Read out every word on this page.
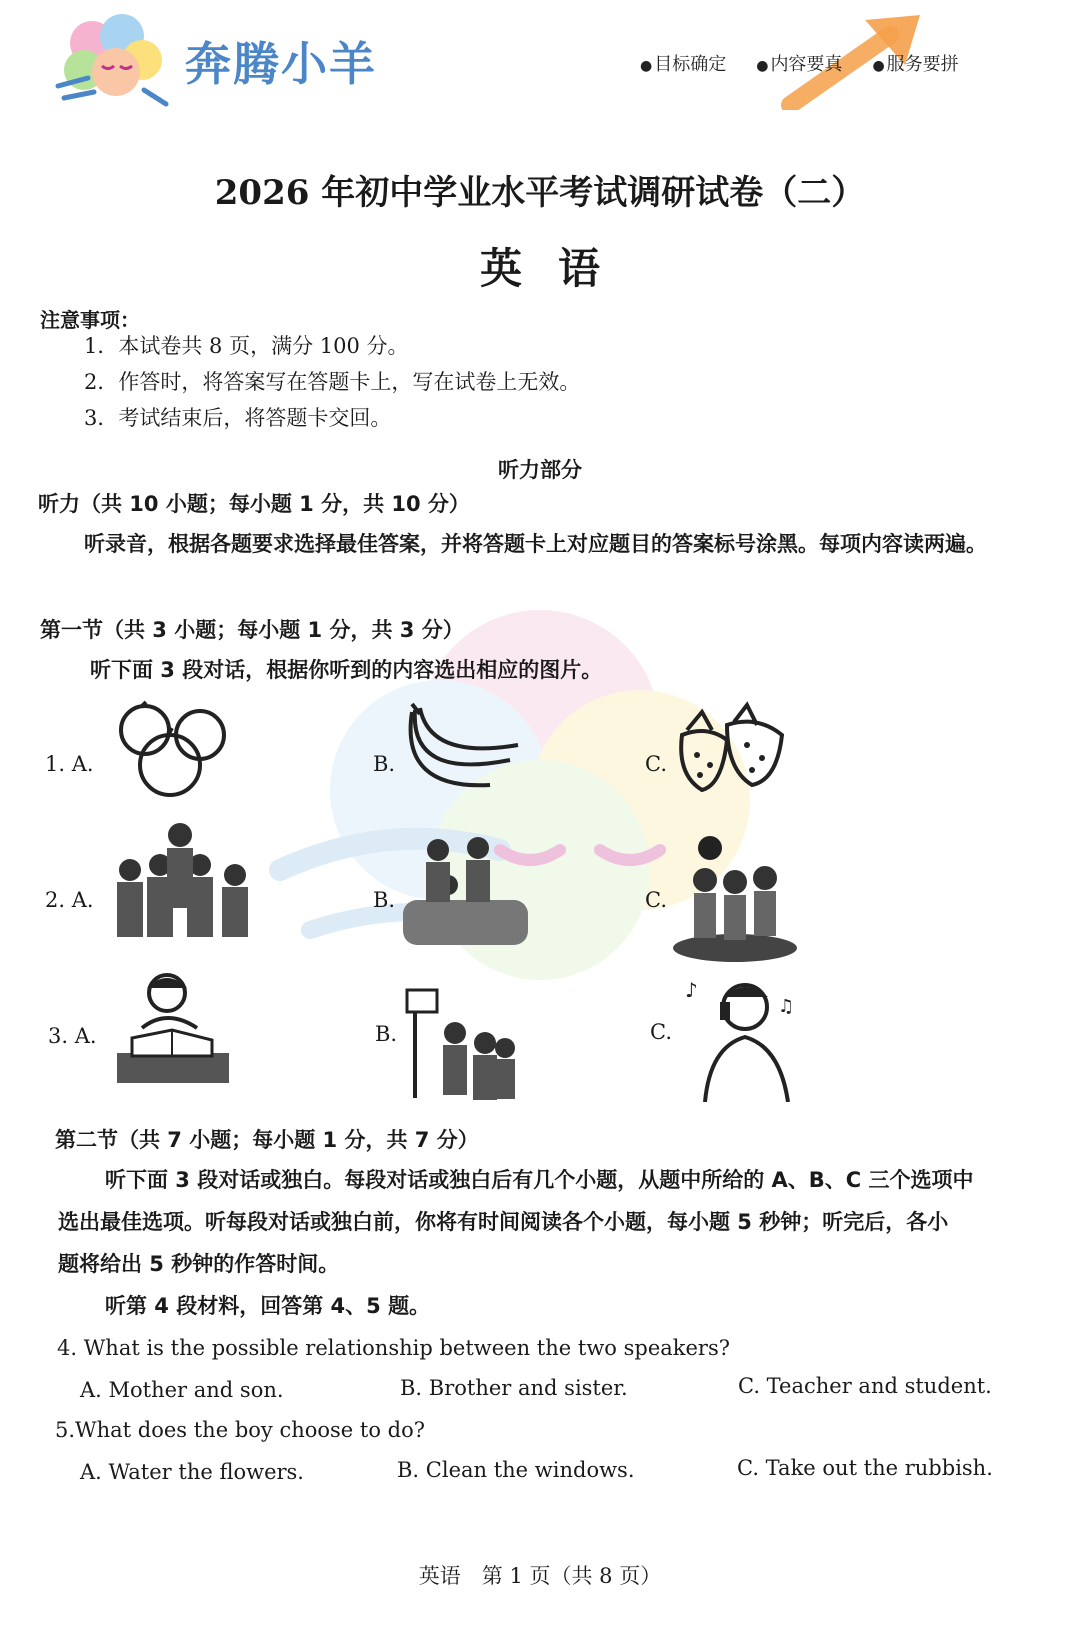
奔腾小羊	● 目标确定	● 内容要真	● 服务要拼
2026 年初中学业水平考试调研试卷（二）
英语
注意事项：
1．本试卷共 8 页，满分 100 分。
2．作答时，将答案写在答题卡上，写在试卷上无效。
3．考试结束后，将答题卡交回。
听力部分
听力（共 10 小题；每小题 1 分，共 10 分）
听录音，根据各题要求选择最佳答案，并将答题卡上对应题目的答案标号涂黑。每项内容读两遍。
第一节（共 3 小题；每小题 1 分，共 3 分）
听下面 3 段对话，根据你听到的内容选出相应的图片。
1. A.	B.	C.
2. A.	B.	C.
3. A.	B.	C.
♪
♫
第二节（共 7 小题；每小题 1 分，共 7 分）
听下面 3 段对话或独白。每段对话或独白后有几个小题，从题中所给的 A、B、C 三个选项中
选出最佳选项。听每段对话或独白前，你将有时间阅读各个小题，每小题 5 秒钟；听完后，各小
题将给出 5 秒钟的作答时间。
听第 4 段材料，回答第 4、5 题。
4. What is the possible relationship between the two speakers?
A. Mother and son.	B. Brother and sister.	C. Teacher and student.
5.What does the boy choose to do?
A. Water the flowers.	B. Clean the windows.	C. Take out the rubbish.
英语　第 1 页（共 8 页）
